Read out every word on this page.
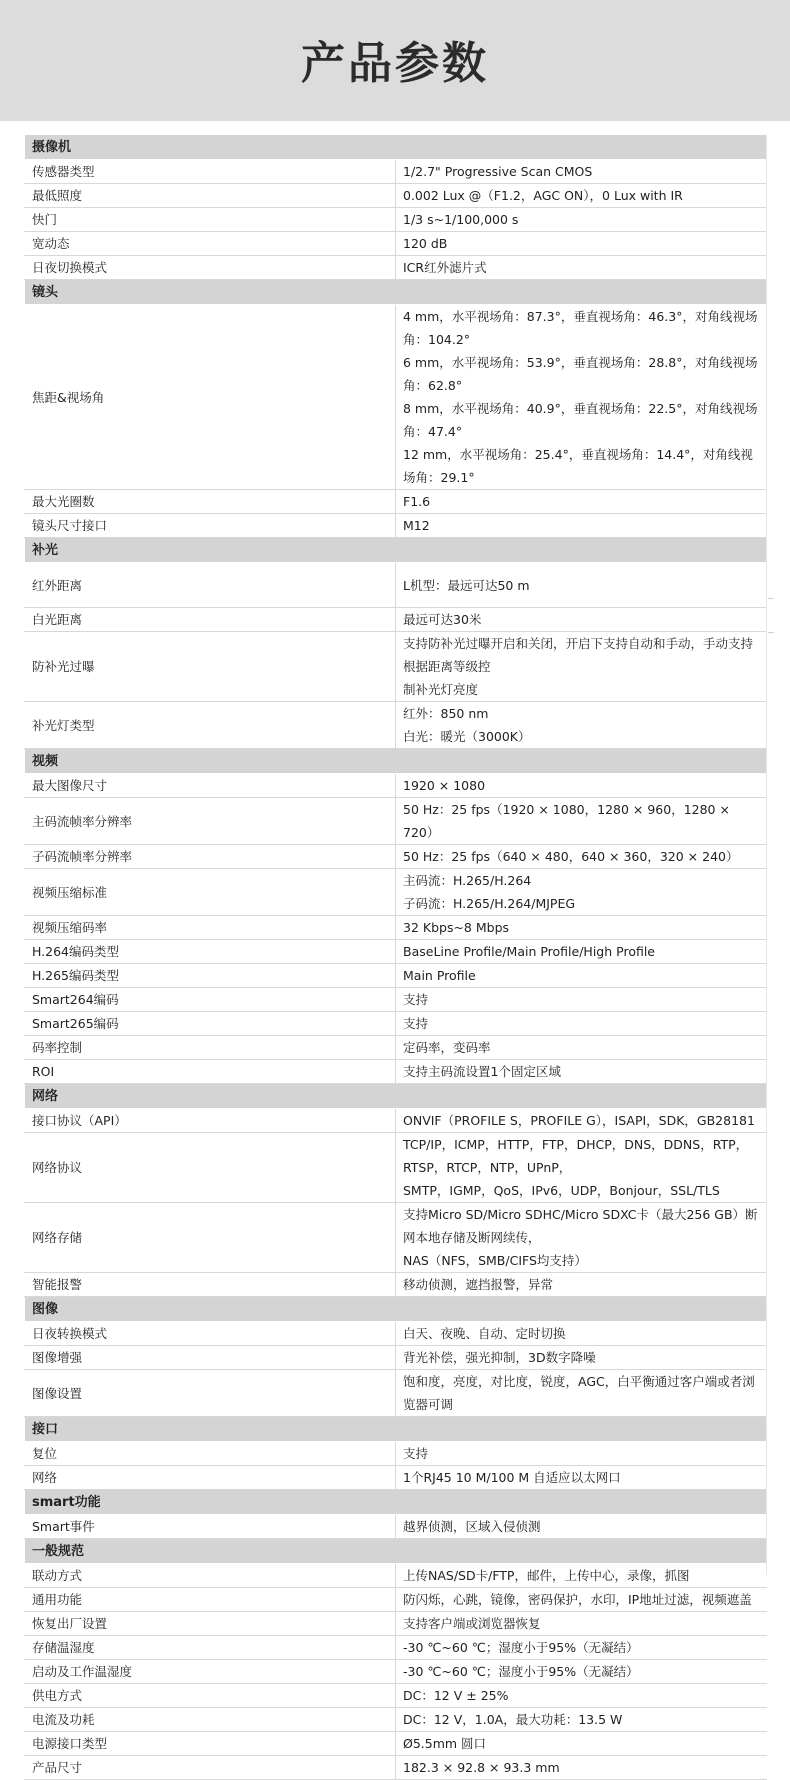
产品参数
摄像机	
传感器类型	1/2.7" Progressive Scan CMOS

最低照度	0.002 Lux @（F1.2，AGC ON），0 Lux with IR

快门	1/3 s~1/100,000 s

宽动态	120 dB

日夜切换模式	ICR红外滤片式

镜头	
焦距&视场角	4 mm，水平视场角：87.3°，垂直视场角：46.3°，对角线视场角：104.2°
6 mm，水平视场角：53.9°，垂直视场角：28.8°，对角线视场角：62.8°
8 mm，水平视场角：40.9°，垂直视场角：22.5°，对角线视场角：47.4°
12 mm，水平视场角：25.4°，垂直视场角：14.4°，对角线视场角：29.1°

最大光圈数	F1.6

镜头尺寸接口	M12

补光	
红外距离	L机型：最远可达50 m

白光距离	最远可达30米

防补光过曝	支持防补光过曝开启和关闭，开启下支持自动和手动，手动支持根据距离等级控
制补光灯亮度

补光灯类型	红外：850 nm
白光：暖光（3000K）

视频	
最大图像尺寸	1920 × 1080

主码流帧率分辨率	50 Hz：25 fps（1920 × 1080，1280 × 960，1280 × 720）

子码流帧率分辨率	50 Hz：25 fps（640 × 480，640 × 360，320 × 240）

视频压缩标准	主码流：H.265/H.264
子码流：H.265/H.264/MJPEG

视频压缩码率	32 Kbps~8 Mbps

H.264编码类型	BaseLine Profile/Main Profile/High Profile

H.265编码类型	Main Profile

Smart264编码	支持

Smart265编码	支持

码率控制	定码率，变码率

ROI	支持主码流设置1个固定区域

网络	
接口协议（API）	ONVIF（PROFILE S，PROFILE G），ISAPI，SDK，GB28181

网络协议	TCP/IP，ICMP，HTTP，FTP，DHCP，DNS，DDNS，RTP，RTSP，RTCP，NTP，UPnP，
SMTP，IGMP，QoS，IPv6，UDP，Bonjour，SSL/TLS

网络存储	支持Micro SD/Micro SDHC/Micro SDXC卡（最大256 GB）断网本地存储及断网续传，
NAS（NFS，SMB/CIFS均支持）

智能报警	移动侦测，遮挡报警，异常

图像	
日夜转换模式	白天、夜晚、自动、定时切换

图像增强	背光补偿，强光抑制，3D数字降噪

图像设置	饱和度，亮度，对比度，锐度，AGC，白平衡通过客户端或者浏览器可调

接口	
复位	支持

网络	1个RJ45 10 M/100 M 自适应以太网口

smart功能	
Smart事件	越界侦测，区域入侵侦测

一般规范	
联动方式	上传NAS/SD卡/FTP，邮件，上传中心，录像，抓图

通用功能	防闪烁，心跳，镜像，密码保护，水印，IP地址过滤，视频遮盖

恢复出厂设置	支持客户端或浏览器恢复

存储温湿度	-30 ℃~60 ℃；湿度小于95%（无凝结）

启动及工作温湿度	-30 ℃~60 ℃；湿度小于95%（无凝结）

供电方式	DC：12 V ± 25%

电流及功耗	DC：12 V，1.0A，最大功耗：13.5 W

电源接口类型	Ø5.5mm 圆口

产品尺寸	182.3 × 92.8 × 93.3 mm
